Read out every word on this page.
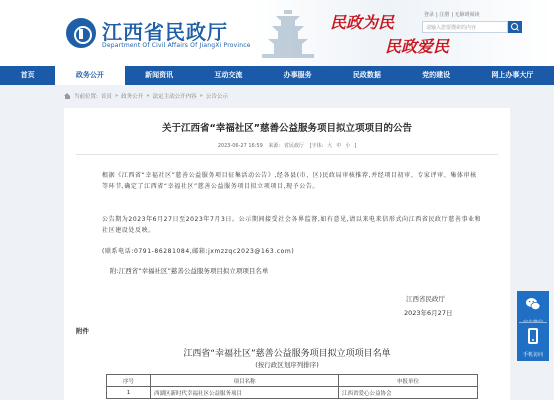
江西省民政厅
Department Of Civil Affairs Of JiangXi Province
民政为民
民政爱民
登录 | 注册 | 无障碍阅读
请输入您要搜索的内容
首页	政务公开	新闻资讯	互动交流	办事服务	民政数据	党的建设	网上办事大厅
当前位置: 首页 » 政务公开 » 法定主动公开内容 » 公告公示
关于江西省“幸福社区”慈善公益服务项目拟立项项目的公告
2023-06-27 16:59 来源: 省民政厅 [字体: 大 中 小 ]
根据《江西省“幸福社区”慈善公益服务项目征集活动公告》,经各县(市、区)民政局审核推荐,并经项目初审、专家评审、集体审核等环节,确定了江西省“幸福社区”慈善公益服务项目拟立项项目,现予公告。
公告期为2023年6月27日至2023年7月3日。公示期间接受社会各界监督,如有意见,请以来电来信形式向江西省民政厅慈善事业和社区建设处反映。
(联系电话:0791-86281084,邮箱:jxmzzqc2023@163.com)
附:江西省“幸福社区”慈善公益服务项目拟立项项目名单
江西省民政厅
2023年6月27日
附件
江西省“幸福社区”慈善公益服务项目拟立项项目名单
(按行政区划序列排序)
序号	项目名称	申报单位
1	西湖区新时代幸福社区公益服务项目	江西省爱心公益协会
手机访问
